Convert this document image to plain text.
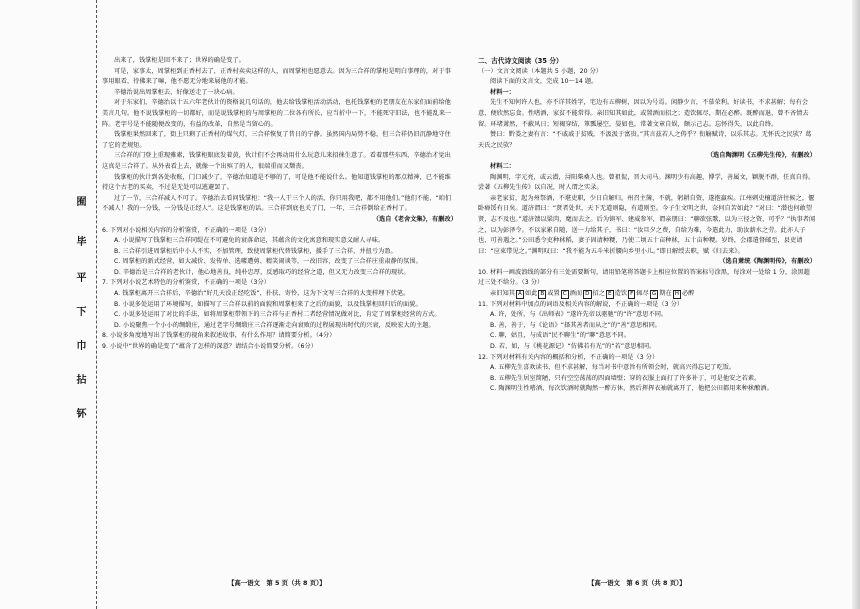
囿
毕
平
下
巾
拈
钚

出来了，钱掌柜是回不来了；世界的确是变了。

可是，家事太，周掌柜到正香村去了，正香村卖卖这样的人，而周掌柜也愿意去。因为三合祥的掌柜是明白事理的，对于事事用眼看，待佛来了嘛，他不愿无分地来展他的才能。

辛德治说出周掌柜去，好像送走了一块心病。

对于东家们，辛德治以十五六年老伙计的资格说几句话的，他去给钱掌柜活动活动，也托钱掌柜的老朋友在东家们面前给他美言几句。他不说钱掌柜的一切都好，而是说钱掌柜的与周掌柜的二位各有所长，应当折中一下，不能死守旧法，也不能乱来一阵。老字号是不能随便改变的，有益的改革，自然是当留心的。

钱掌柜果然回来了，街上只剩了正香村的煤气灯，三合祥恢复了昔日的宁静。虽然国内局势不稳，但三合祥仍旧沉静地守住了它的老规矩。

三合祥的门登上重现雅素，钱掌柜眼底发着黄，伙计们不会再动用什么玩意儿来招徕生意了。看着那些东西，辛德治才觉出这真是三合祥了。从外表看上去，就像一个出殡了的人，很端重而又颓丧。

钱掌柜的伙计到各处收账，门口减少了，辛德治知道是不够的了，可是他不能说什么。他知道钱掌柜的那点精神，已不能维持这个古老的买卖，不过是无处可以逃避罢了。

过了一节，三合祥减人不可了。辛德治去看问钱掌柜：“我一人干三个人的活，你只用我吧，都不用他们。”他们不能，“咱们不减人！我的一分钱，一分钱是正经人”。这是钱掌柜的话。三合祥到底也关了门，一年，三合祥倒给正香村了。

（选自《老舍文集》，有删改）

6. 下列对小说相关内容的分析鉴赏，不正确的一项是（3分）

A. 小说描写了钱掌柜三合祥同缇在不可避免的衰落命运，其蕴含的文化寓意和现实意义耐人寻味。

B. 三合祥引进周掌柜后中小人不实，不加管理，致使周掌柜代替钱掌柜，援手了三合祥，并扭亏为盈。

C. 周掌柜的新式经营，如大减价、发传单、选噱遭剪、精笑闹谈等，一改旧容，改变了三合祥庄重肃静的氛围。

D. 辛德治是三合祥的老伙计，他心地善良，纯朴忠厚，反感取巧的经营之道，但又无力改变三合祥的现状。

7. 下列对小说艺术特色的分析鉴赏，不正确的一项是（3分）

A. 钱掌柜离开三合祥后，辛德治“好几天没正经吃饭”，扑扶、寄怜，这为下文写三合祥的大变样埋下伏笔。

B. 小说多处运用了环境描写，如描写了三合祥以前的面貌和周掌柜来了之后的面貌，以及钱掌柜回归后的面貌。

C. 小说多处运用了对比的手法，如将周掌柜带领下的三合祥与正香村二者经营情况做对比，肯定了周掌柜经营的方式。

D. 小说聚焦一个小小的绸缎庄，通过老字号绸缎庄三合祥逐渐走向衰败的过程展现出时代的兴衰，反映宏大的主题。

8. 小说多角度地写出了钱掌柜的视角来叙述故事，有什么作用？请简要分析。（4分）

9. 小说中“世界的确是变了”蕴含了怎样的深意？请结合小说简要分析。（6分）

【高一语文　第 5 页（共 8 页）】

二、古代诗文阅读（35 分）

（一）文言文阅读（本题共 5 小题，20 分）

阅读下面的文言文，完成 10～14 题。

材料一：

先生不知何许人也，亦不详其姓字，宅边有五柳树，因以为号焉。闲静少言，不慕荣利。好读书，不求甚解；每有会意，便欣然忘食。性嗜酒，家贫不能常得。亲旧知其如此，或置酒而招之；造饮辄尽，期在必醉。既醉而退，曾不吝情去留。环堵萧然，不蔽风日；短褐穿结，箪瓢屡空，晏如也。常著文章自娱，颇示己志。忘怀得失，以此自终。

赞曰：黔娄之妻有言：“不戚戚于贫贱，不汲汲于富贵。”其言兹若人之俦乎？衔觞赋诗，以乐其志。无怀氏之民欤？葛天氏之民欤？

（选自陶渊明《五柳先生传》，有删改）

材料二：

陶渊明，字元亮，或云潜，浔阳柴桑人也。曾祖侃，晋大司马。渊明少有高趣，博学，善属文，颖脱不群，任真自得。尝著《五柳先生传》以自况，时人谓之实录。

亲老家贫，起为州祭酒，不堪吏职，少日自解归。州召主簿，不就，躬耕自资，遂抱羸疾。江州刺史檀道济往候之，偃卧瘠馁有日矣。道济谓曰：“贤者处世，天下无道则隐，有道则至。今子生文明之世，奈何自苦如此？”对曰：“潜也何敢望贤，志不及也。”道济馈以粱肉，麾而去之。后为镇军、建威参军，谓亲朋曰：“聊欲弦歌，以为三径之资，可乎？”执事者闻之，以为彭泽令。不以家累自随，送一力给其子，书曰：“汝旦夕之费，自给为难，今遣此力，助汝薪水之劳。此亦人子也，可善遇之。”公田悉令吏种秫稻，妻子固请种粳，乃使二顷五十亩种秫，五十亩种粳。岁终，会郡遣督邮至，县吏请曰：“应束带见之。”渊明叹曰：“我不能为五斗米折腰向乡里小儿。”即日解绶去职，赋《归去来》。

（选自萧统《陶渊明传》，有删改）

10. 材料一画波浪线的部分有三处需要断句，请用铅笔将答题卡上相应位置的答案标号涂黑，每涂对一处给 1 分，涂黑超过三处不给分。（3 分）

亲旧知其 A 如此 B 或置 C 酒而 D 招之 E 造饮 F 辄尽 G 期在 H 必醉

11. 下列对材料中加点的词语及相关内容的解说，不正确的一项是（3 分）

A. 许，处所，与《出师表》“遂许先帝以驱驰”的“许”意思不同。

B. 善，善于，与《论语》“择其善者而从之”的“善”意思相同。

C. 聊，姑且，与成语“民不聊生”的“聊”意思不同。

D. 若，如，与《桃花源记》“仿佛若有光”的“若”意思相同。

12. 下列对材料有关内容的概括和分析，不正确的一项是（3 分）

A. 五柳先生喜欢读书，但不求甚解，每当对书中意旨有所领会时，就高兴得忘记了吃饭。

B. 五柳先生居室简陋，只有空空荡荡的四面墙壁；穿的衣服上面打了许多补丁，可是他安之若素。

C. 陶渊明生性嗜酒，每次饮酒时就陶然一醉方休，然后挥挥衣袖就离开了，他把公田都用来种秫酿酒。

【高一语文　第 6 页（共 8 页）】
